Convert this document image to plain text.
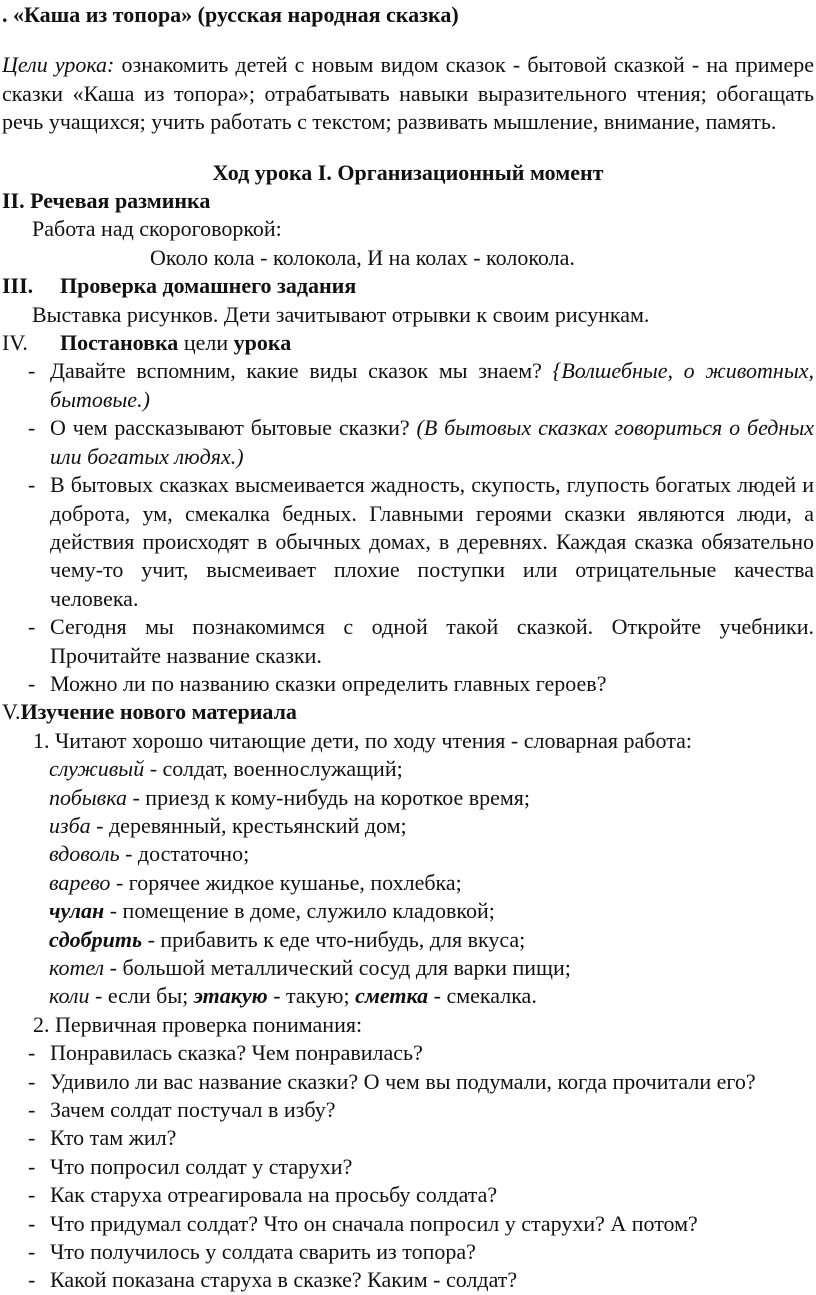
. «Каша из топора» (русская народная сказка)

Цели урока: ознакомить детей с новым видом сказок - бытовой сказкой - на примере сказки «Каша из топора»; отрабатывать навыки выразительного чтения; обогащать речь учащихся; учить работать с текстом; развивать мышление, внимание, память.

Ход урока I. Организационный момент

II. Речевая разминка

Работа над скороговоркой:

Около кола - колокола, И на колах - колокола.

III. Проверка домашнего задания

Выставка рисунков. Дети зачитывают отрывки к своим рисункам.

IV. Постановка цели урока

- Давайте вспомним, какие виды сказок мы знаем? {Волшебные, о животных, бытовые.)
- О чем рассказывают бытовые сказки? (В бытовых сказках говориться о бедных или богатых людях.)
- В бытовых сказках высмеивается жадность, скупость, глупость богатых людей и доброта, ум, смекалка бедных. Главными героями сказки являются люди, а действия происходят в обычных домах, в деревнях. Каждая сказка обязательно чему-то учит, высмеивает плохие поступки или отрицательные качества человека.
- Сегодня мы познакомимся с одной такой сказкой. Откройте учебники. Прочитайте название сказки.
- Можно ли по названию сказки определить главных героев?

V.Изучение нового материала

1. Читают хорошо читающие дети, по ходу чтения - словарная работа:

служивый - солдат, военнослужащий;

побывка - приезд к кому-нибудь на короткое время;

изба - деревянный, крестьянский дом;

вдоволь - достаточно;

варево - горячее жидкое кушанье, похлебка;

чулан - помещение в доме, служило кладовкой;

сдобрить - прибавить к еде что-нибудь, для вкуса;

котел - большой металлический сосуд для варки пищи;

коли - если бы; этакую - такую; сметка - смекалка.

2. Первичная проверка понимания:

- Понравилась сказка? Чем понравилась?
- Удивило ли вас название сказки? О чем вы подумали, когда прочитали его?
- Зачем солдат постучал в избу?
- Кто там жил?
- Что попросил солдат у старухи?
- Как старуха отреагировала на просьбу солдата?
- Что придумал солдат? Что он сначала попросил у старухи? А потом?
- Что получилось у солдата сварить из топора?
- Какой показана старуха в сказке? Каким - солдат?
